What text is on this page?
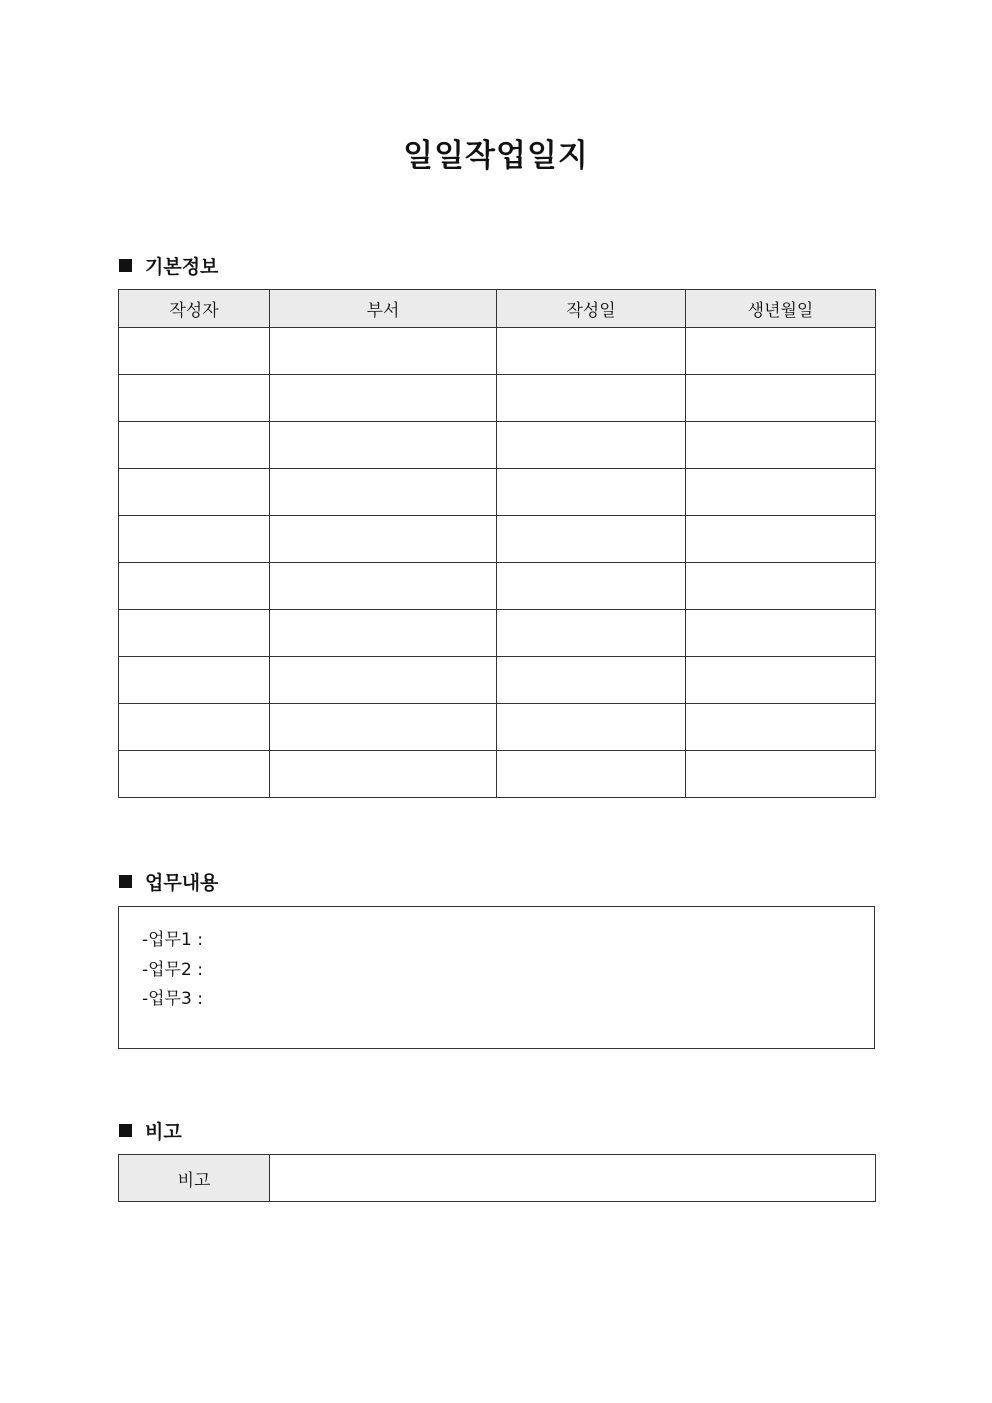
일일작업일지
기본정보
작성자	부서	작성일	생년월일

업무내용
-업무1 :
-업무2 :
-업무3 :
비고
비고	
